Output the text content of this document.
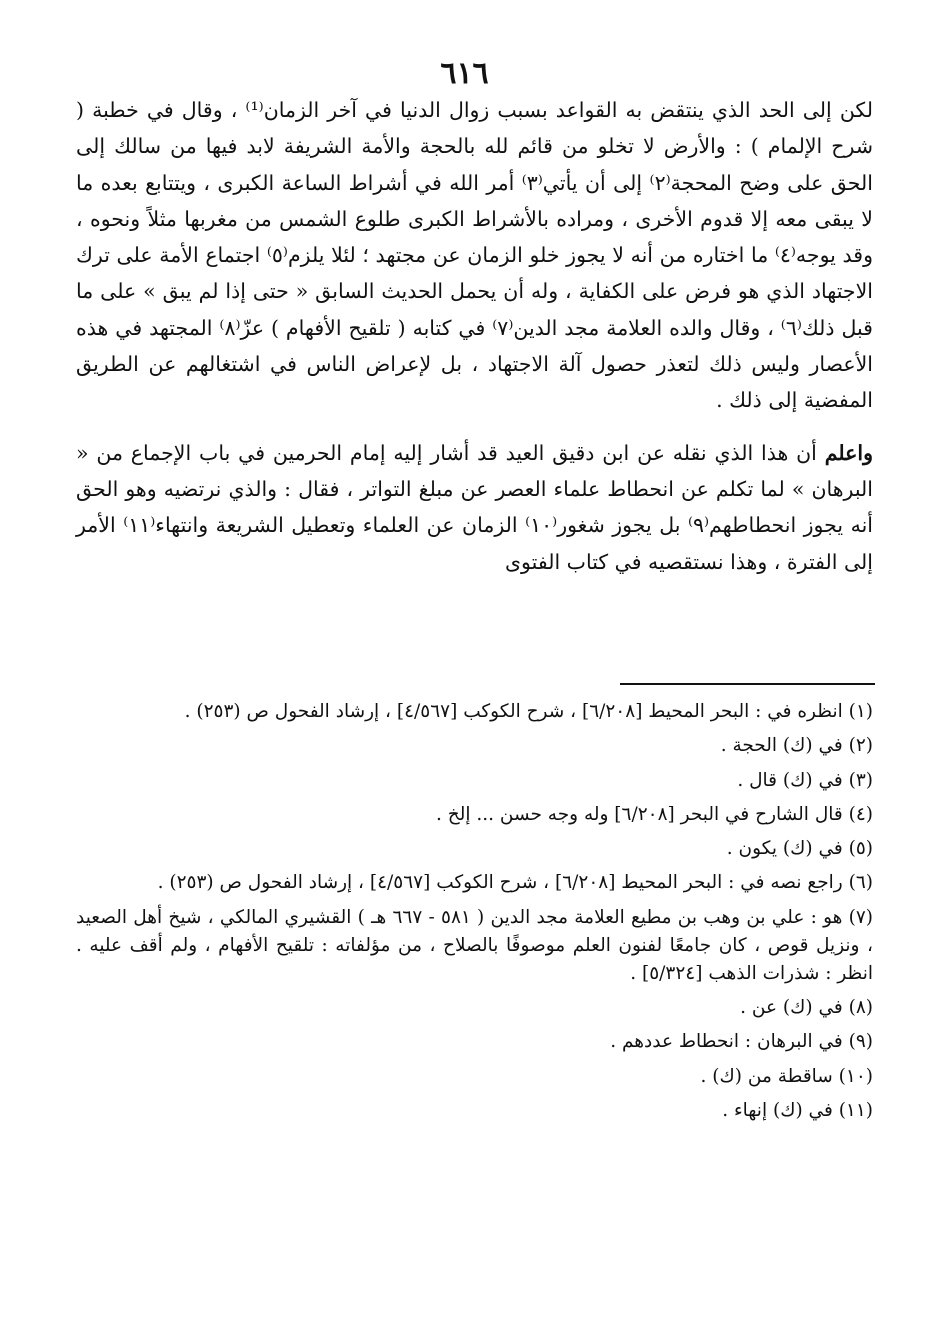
٦١٦

لكن إلى الحد الذي ينتقض به القواعد بسبب زوال الدنيا في آخر الزمان⁽¹⁾ ، وقال في خطبة ( شرح الإلمام ) : والأرض لا تخلو من قائم لله بالحجة والأمة الشريفة لابد فيها من سالك إلى الحق على وضح المحجة⁽٢⁾ إلى أن يأتي⁽٣⁾ أمر الله في أشراط الساعة الكبرى ، ويتتابع بعده ما لا يبقى معه إلا قدوم الأخرى ، ومراده بالأشراط الكبرى طلوع الشمس من مغربها مثلاً ونحوه ، وقد يوجه⁽٤⁾ ما اختاره من أنه لا يجوز خلو الزمان عن مجتهد ؛ لئلا يلزم⁽٥⁾ اجتماع الأمة على ترك الاجتهاد الذي هو فرض على الكفاية ، وله أن يحمل الحديث السابق « حتى إذا لم يبق » على ما قبل ذلك⁽٦⁾ ، وقال والده العلامة مجد الدين⁽٧⁾ في كتابه ( تلقيح الأفهام ) عزّ⁽٨⁾ المجتهد في هذه الأعصار وليس ذلك لتعذر حصول آلة الاجتهاد ، بل لإعراض الناس في اشتغالهم عن الطريق المفضية إلى ذلك .

واعلم أن هذا الذي نقله عن ابن دقيق العيد قد أشار إليه إمام الحرمين في باب الإجماع من « البرهان » لما تكلم عن انحطاط علماء العصر عن مبلغ التواتر ، فقال : والذي نرتضيه وهو الحق أنه يجوز انحطاطهم⁽٩⁾ بل يجوز شغور⁽١٠⁾ الزمان عن العلماء وتعطيل الشريعة وانتهاء⁽١١⁾ الأمر إلى الفترة ، وهذا نستقصيه في كتاب الفتوى

(١) انظره في : البحر المحيط [٦/٢٠٨] ، شرح الكوكب [٤/٥٦٧] ، إرشاد الفحول ص (٢٥٣) .

(٢) في (ك) الحجة .

(٣) في (ك) قال .

(٤) قال الشارح في البحر [٦/٢٠٨] وله وجه حسن ... إلخ .

(٥) في (ك) يكون .

(٦) راجع نصه في : البحر المحيط [٦/٢٠٨] ، شرح الكوكب [٤/٥٦٧] ، إرشاد الفحول ص (٢٥٣) .

(٧) هو : علي بن وهب بن مطيع العلامة مجد الدين ( ٥٨١ - ٦٦٧ هـ ) القشيري المالكي ، شيخ أهل الصعيد ، ونزيل قوص ، كان جامعًا لفنون العلم موصوفًا بالصلاح ، من مؤلفاته : تلقيح الأفهام ، ولم أقف عليه . انظر : شذرات الذهب [٥/٣٢٤] .

(٨) في (ك) عن .

(٩) في البرهان : انحطاط عددهم .

(١٠) ساقطة من (ك) .

(١١) في (ك) إنهاء .
